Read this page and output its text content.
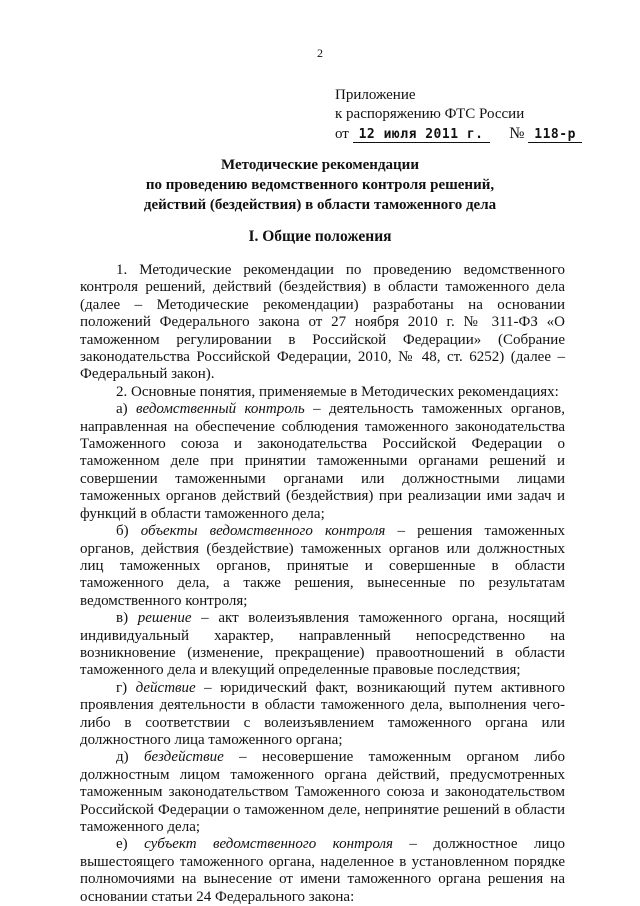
2
Приложение
к распоряжению ФТС России
от 12 июля 2011 г. № 118-р
Методические рекомендации
по проведению ведомственного контроля решений,
действий (бездействия) в области таможенного дела
I. Общие положения

1. Методические рекомендации по проведению ведомственного контроля решений, действий (бездействия) в области таможенного дела (далее – Методические рекомендации) разработаны на основании положений Федерального закона от 27 ноября 2010 г. № 311-ФЗ «О таможенном регулировании в Российской Федерации» (Собрание законодательства Российской Федерации, 2010, № 48, ст. 6252) (далее – Федеральный закон).

2. Основные понятия, применяемые в Методических рекомендациях:

а) ведомственный контроль – деятельность таможенных органов, направленная на обеспечение соблюдения таможенного законодательства Таможенного союза и законодательства Российской Федерации о таможенном деле при принятии таможенными органами решений и совершении таможенными органами или должностными лицами таможенных органов действий (бездействия) при реализации ими задач и функций в области таможенного дела;

б) объекты ведомственного контроля – решения таможенных органов, действия (бездействие) таможенных органов или должностных лиц таможенных органов, принятые и совершенные в области таможенного дела, а также решения, вынесенные по результатам ведомственного контроля;

в) решение – акт волеизъявления таможенного органа, носящий индивидуальный характер, направленный непосредственно на возникновение (изменение, прекращение) правоотношений в области таможенного дела и влекущий определенные правовые последствия;

г) действие – юридический факт, возникающий путем активного проявления деятельности в области таможенного дела, выполнения чего-либо в соответствии с волеизъявлением таможенного органа или должностного лица таможенного органа;

д) бездействие – несовершение таможенным органом либо должностным лицом таможенного органа действий, предусмотренных таможенным законодательством Таможенного союза и законодательством Российской Федерации о таможенном деле, непринятие решений в области таможенного дела;

е) субъект ведомственного контроля – должностное лицо вышестоящего таможенного органа, наделенное в установленном порядке полномочиями на вынесение от имени таможенного органа решения на основании статьи 24 Федерального закона:
